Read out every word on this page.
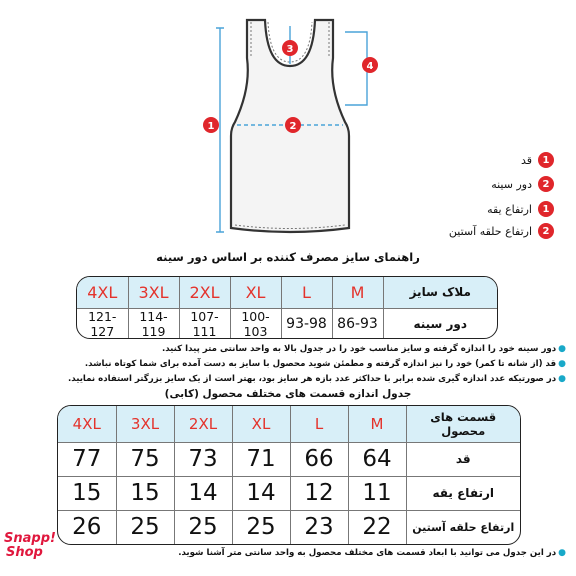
1	2
3
4
1
قد
2
دور سینه
1
ارتفاع یقه
2
ارتفاع حلقه آستین
راهنمای سایز مصرف کننده بر اساس دور سینه
4XL	3XL	2XL	XL	L	M	ملاک سایز
121-127	114-119	107-111	100-103	93-98	86-93	دور سینه
●دور سینه خود را اندازه گرفته و سایز مناسب خود را در جدول بالا به واحد سانتی متر پیدا کنید.
●قد (از شانه تا کمر) خود را نیز اندازه گرفته و مطمئن شوید محصول با سایز به دست آمده برای شما کوتاه نباشد.
●در صورتیکه عدد اندازه گیری شده برابر با حداکثر عدد بازه هر سایز بود، بهتر است از یک سایز بزرگتر استفاده نمایید.
جدول اندازه قسمت های مختلف محصول (کابی)
4XL	3XL	2XL	XL	L	M	قسمت های محصول
77	75	73	71	66	64	قد
15	15	14	14	12	11	ارتفاع یقه
26	25	25	25	23	22	ارتفاع حلقه آستین
●در این جدول می توانید با ابعاد قسمت های مختلف محصول به واحد سانتی متر آشنا شوید.
Snapp!
Shop
